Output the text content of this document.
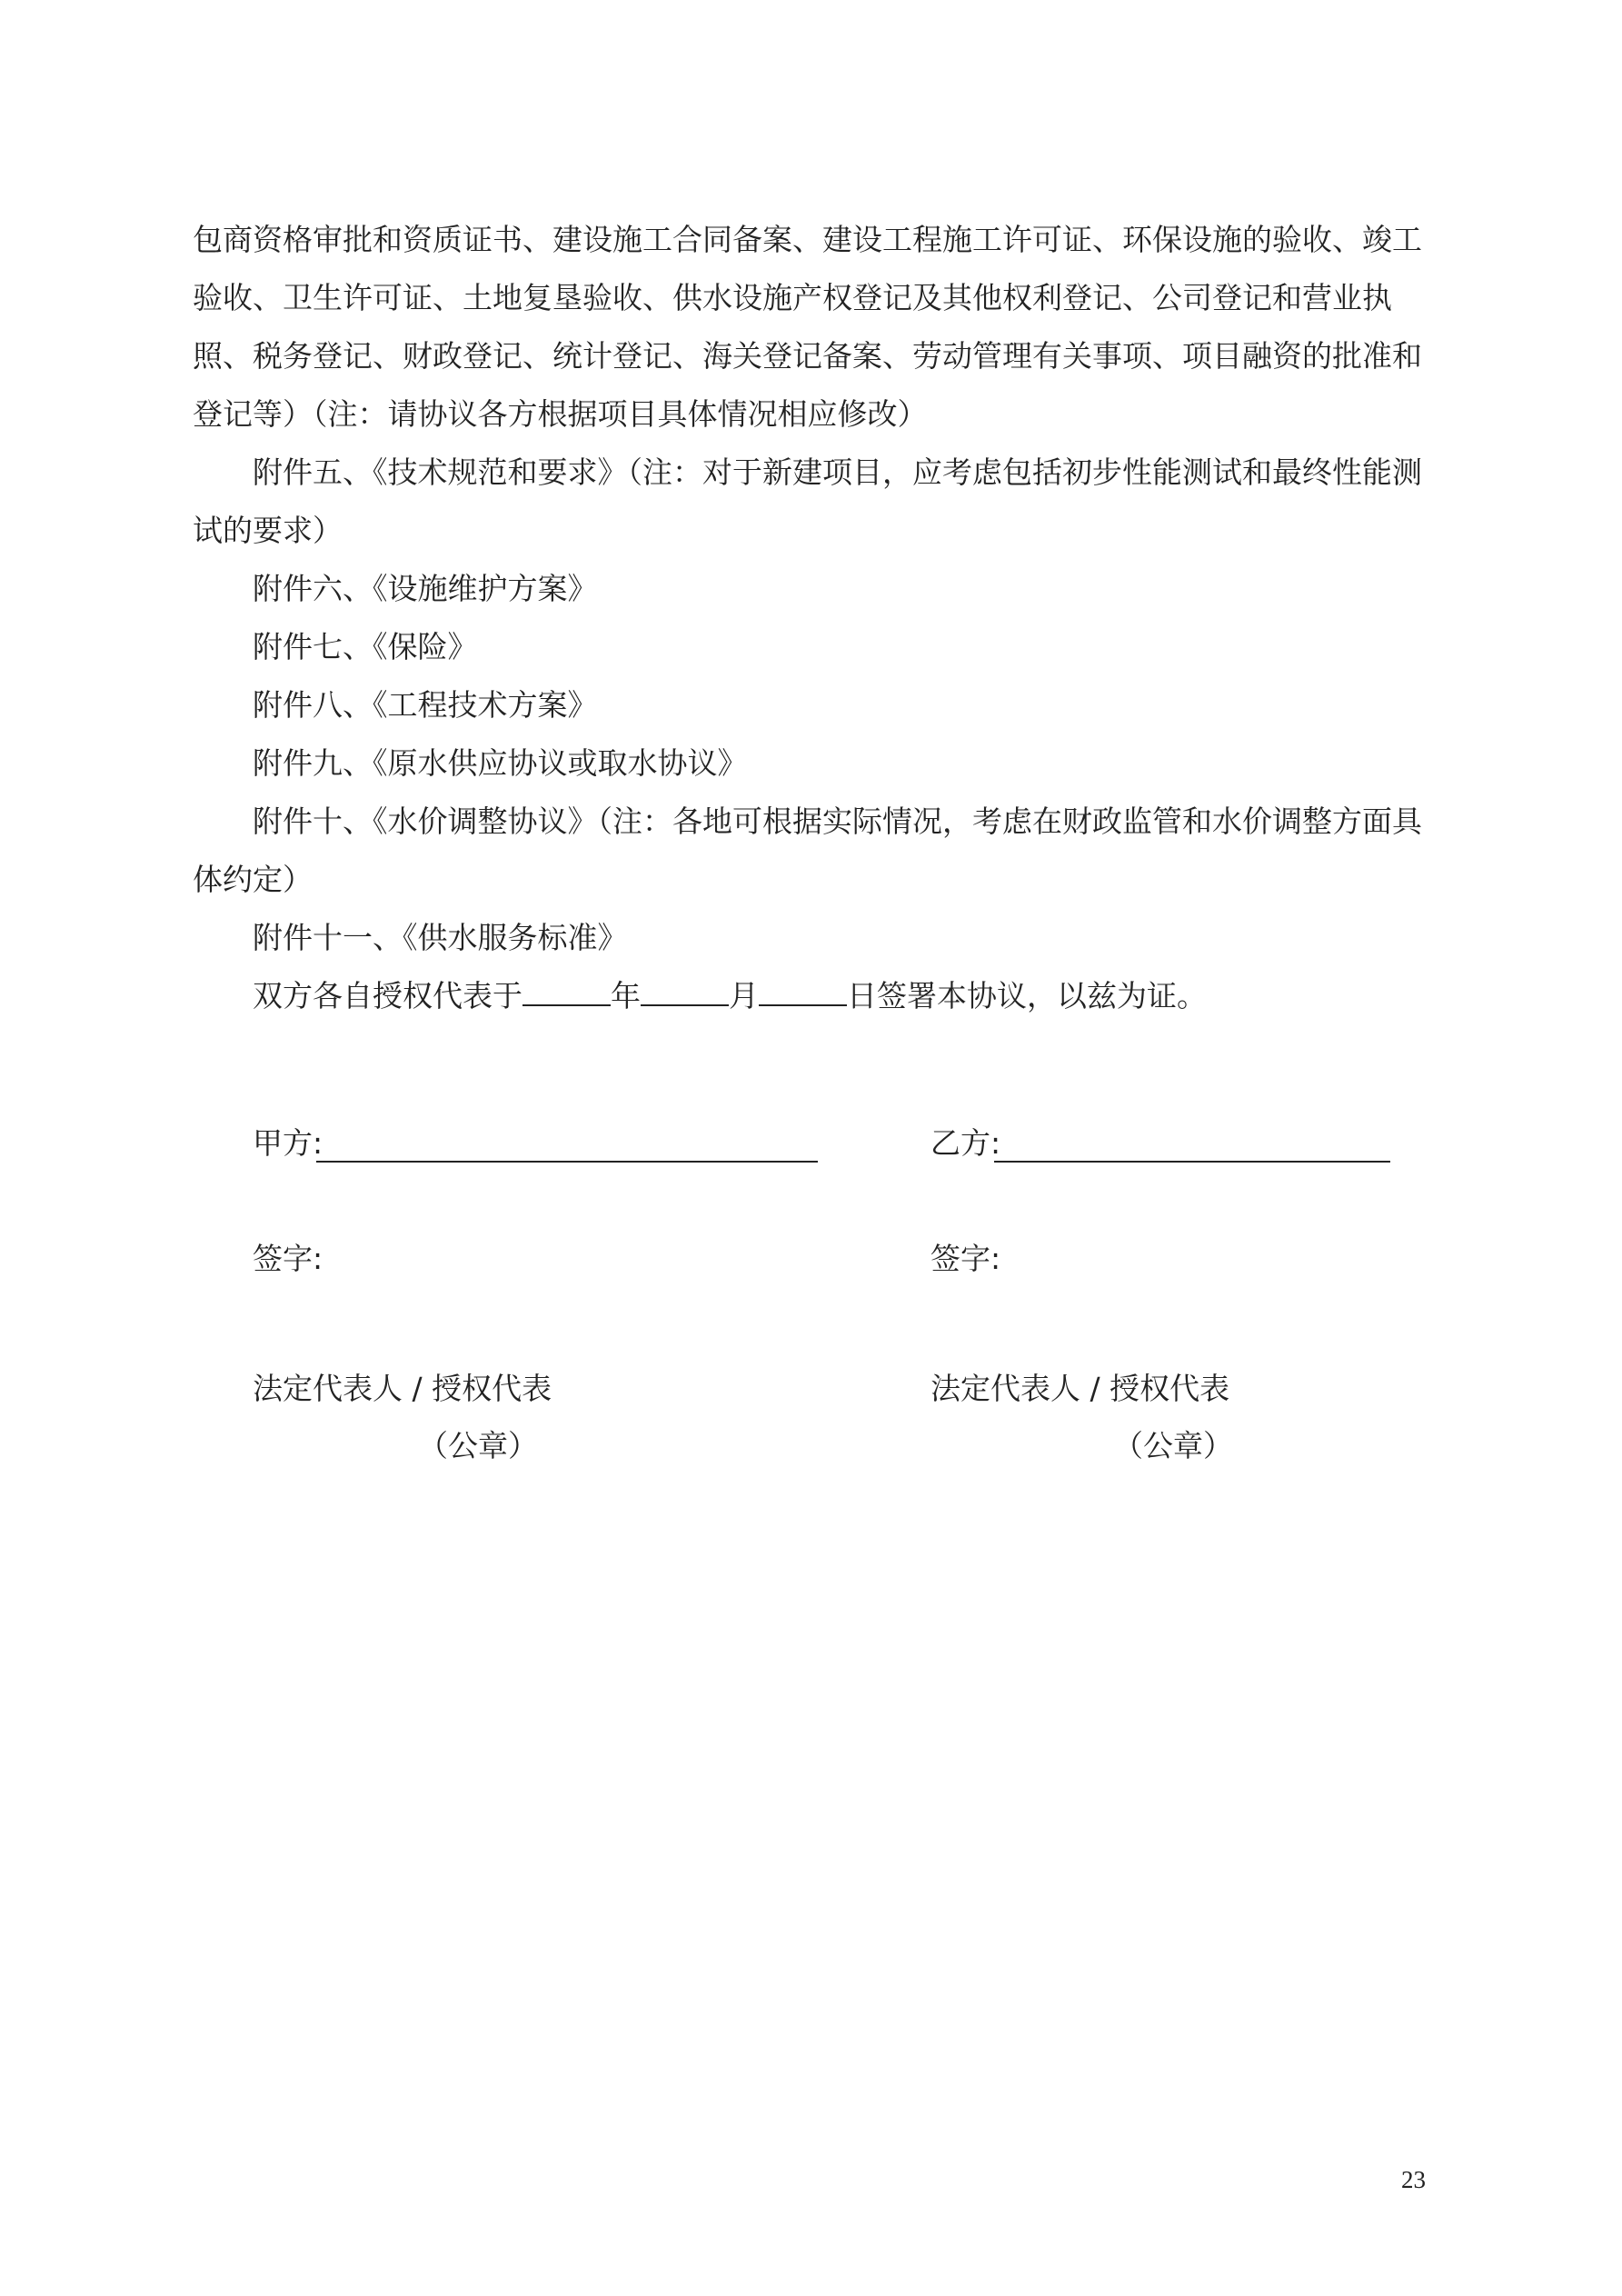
包商资格审批和资质证书、建设施工合同备案、建设工程施工许可证、环保设施的验收、竣工验收、卫生许可证、土地复垦验收、供水设施产权登记及其他权利登记、公司登记和营业执照、税务登记、财政登记、统计登记、海关登记备案、劳动管理有关事项、项目融资的批准和登记等）（注：请协议各方根据项目具体情况相应修改）

附件五、《技术规范和要求》（注：对于新建项目，应考虑包括初步性能测试和最终性能测试的要求）

附件六、《设施维护方案》

附件七、《保险》

附件八、《工程技术方案》

附件九、《原水供应协议或取水协议》

附件十、《水价调整协议》（注：各地可根据实际情况，考虑在财政监管和水价调整方面具体约定）

附件十一、《供水服务标准》

双方各自授权代表于	年	月	日签署本协议，以兹为证。

甲方:
签字:
法定代表人 / 授权代表
（公章）
乙方:
签字:
法定代表人 / 授权代表
（公章）
23
